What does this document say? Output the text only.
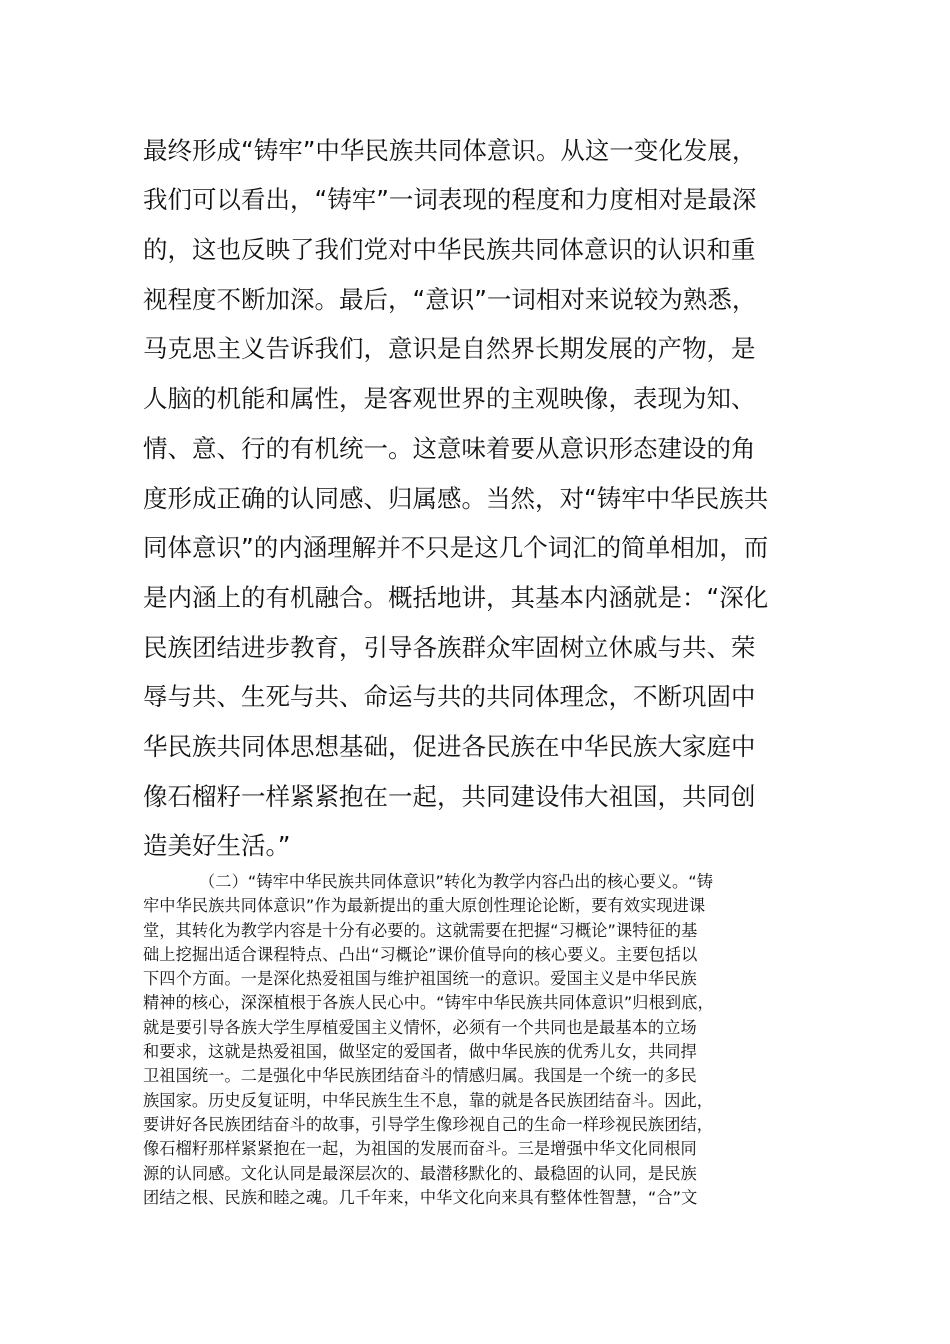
最终形成“铸牢”中华民族共同体意识。从这一变化发展，
我们可以看出，“铸牢”一词表现的程度和力度相对是最深
的，这也反映了我们党对中华民族共同体意识的认识和重
视程度不断加深。最后，“意识”一词相对来说较为熟悉，
马克思主义告诉我们，意识是自然界长期发展的产物，是
人脑的机能和属性，是客观世界的主观映像，表现为知、
情、意、行的有机统一。这意味着要从意识形态建设的角
度形成正确的认同感、归属感。当然，对“铸牢中华民族共
同体意识”的内涵理解并不只是这几个词汇的简单相加，而
是内涵上的有机融合。概括地讲，其基本内涵就是：“深化
民族团结进步教育，引导各族群众牢固树立休戚与共、荣
辱与共、生死与共、命运与共的共同体理念，不断巩固中
华民族共同体思想基础，促进各民族在中华民族大家庭中
像石榴籽一样紧紧抱在一起，共同建设伟大祖国，共同创
造美好生活。”
（二）“铸牢中华民族共同体意识”转化为教学内容凸出的核心要义。“铸
牢中华民族共同体意识”作为最新提出的重大原创性理论论断，要有效实现进课
堂，其转化为教学内容是十分有必要的。这就需要在把握“习概论”课特征的基
础上挖掘出适合课程特点、凸出“习概论”课价值导向的核心要义。主要包括以
下四个方面。一是深化热爱祖国与维护祖国统一的意识。爱国主义是中华民族
精神的核心，深深植根于各族人民心中。“铸牢中华民族共同体意识”归根到底，
就是要引导各族大学生厚植爱国主义情怀，必须有一个共同也是最基本的立场
和要求，这就是热爱祖国，做坚定的爱国者，做中华民族的优秀儿女，共同捍
卫祖国统一。二是强化中华民族团结奋斗的情感归属。我国是一个统一的多民
族国家。历史反复证明，中华民族生生不息，靠的就是各民族团结奋斗。因此，
要讲好各民族团结奋斗的故事，引导学生像珍视自己的生命一样珍视民族团结，
像石榴籽那样紧紧抱在一起，为祖国的发展而奋斗。三是增强中华文化同根同
源的认同感。文化认同是最深层次的、最潜移默化的、最稳固的认同，是民族
团结之根、民族和睦之魂。几千年来，中华文化向来具有整体性智慧，“合”文
